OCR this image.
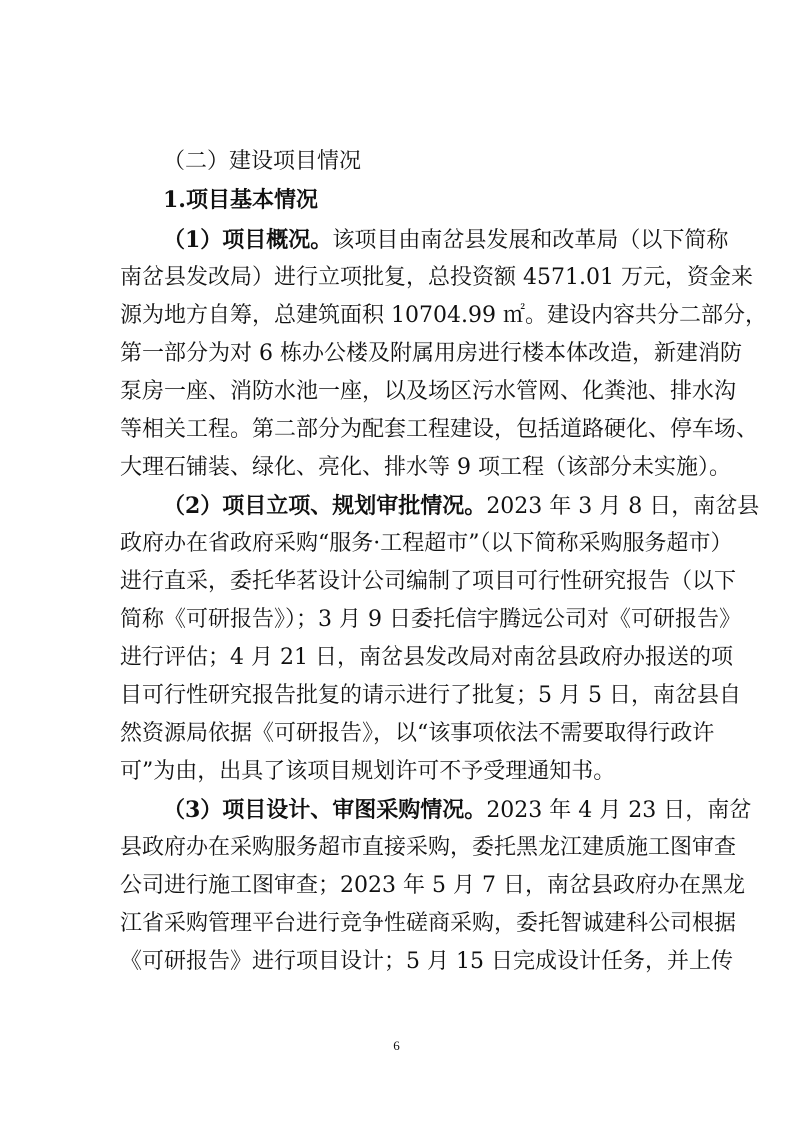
（二）建设项目情况
1.项目基本情况
（1）项目概况。该项目由南岔县发展和改革局（以下简称
南岔县发改局）进行立项批复，总投资额 4571.01 万元，资金来
源为地方自筹，总建筑面积 10704.99 ㎡。建设内容共分二部分，
第一部分为对 6 栋办公楼及附属用房进行楼本体改造，新建消防
泵房一座、消防水池一座，以及场区污水管网、化粪池、排水沟
等相关工程。第二部分为配套工程建设，包括道路硬化、停车场、
大理石铺装、绿化、亮化、排水等 9 项工程（该部分未实施）。
（2）项目立项、规划审批情况。2023 年 3 月 8 日，南岔县
政府办在省政府采购“服务·工程超市”（以下简称采购服务超市）
进行直采，委托华茗设计公司编制了项目可行性研究报告（以下
简称《可研报告》）；3 月 9 日委托信宇腾远公司对《可研报告》
进行评估；4 月 21 日，南岔县发改局对南岔县政府办报送的项
目可行性研究报告批复的请示进行了批复；5 月 5 日，南岔县自
然资源局依据《可研报告》，以“该事项依法不需要取得行政许
可”为由，出具了该项目规划许可不予受理通知书。
（3）项目设计、审图采购情况。2023 年 4 月 23 日，南岔
县政府办在采购服务超市直接采购，委托黑龙江建质施工图审查
公司进行施工图审查；2023 年 5 月 7 日，南岔县政府办在黑龙
江省采购管理平台进行竞争性磋商采购，委托智诚建科公司根据
《可研报告》进行项目设计；5 月 15 日完成设计任务，并上传
6
